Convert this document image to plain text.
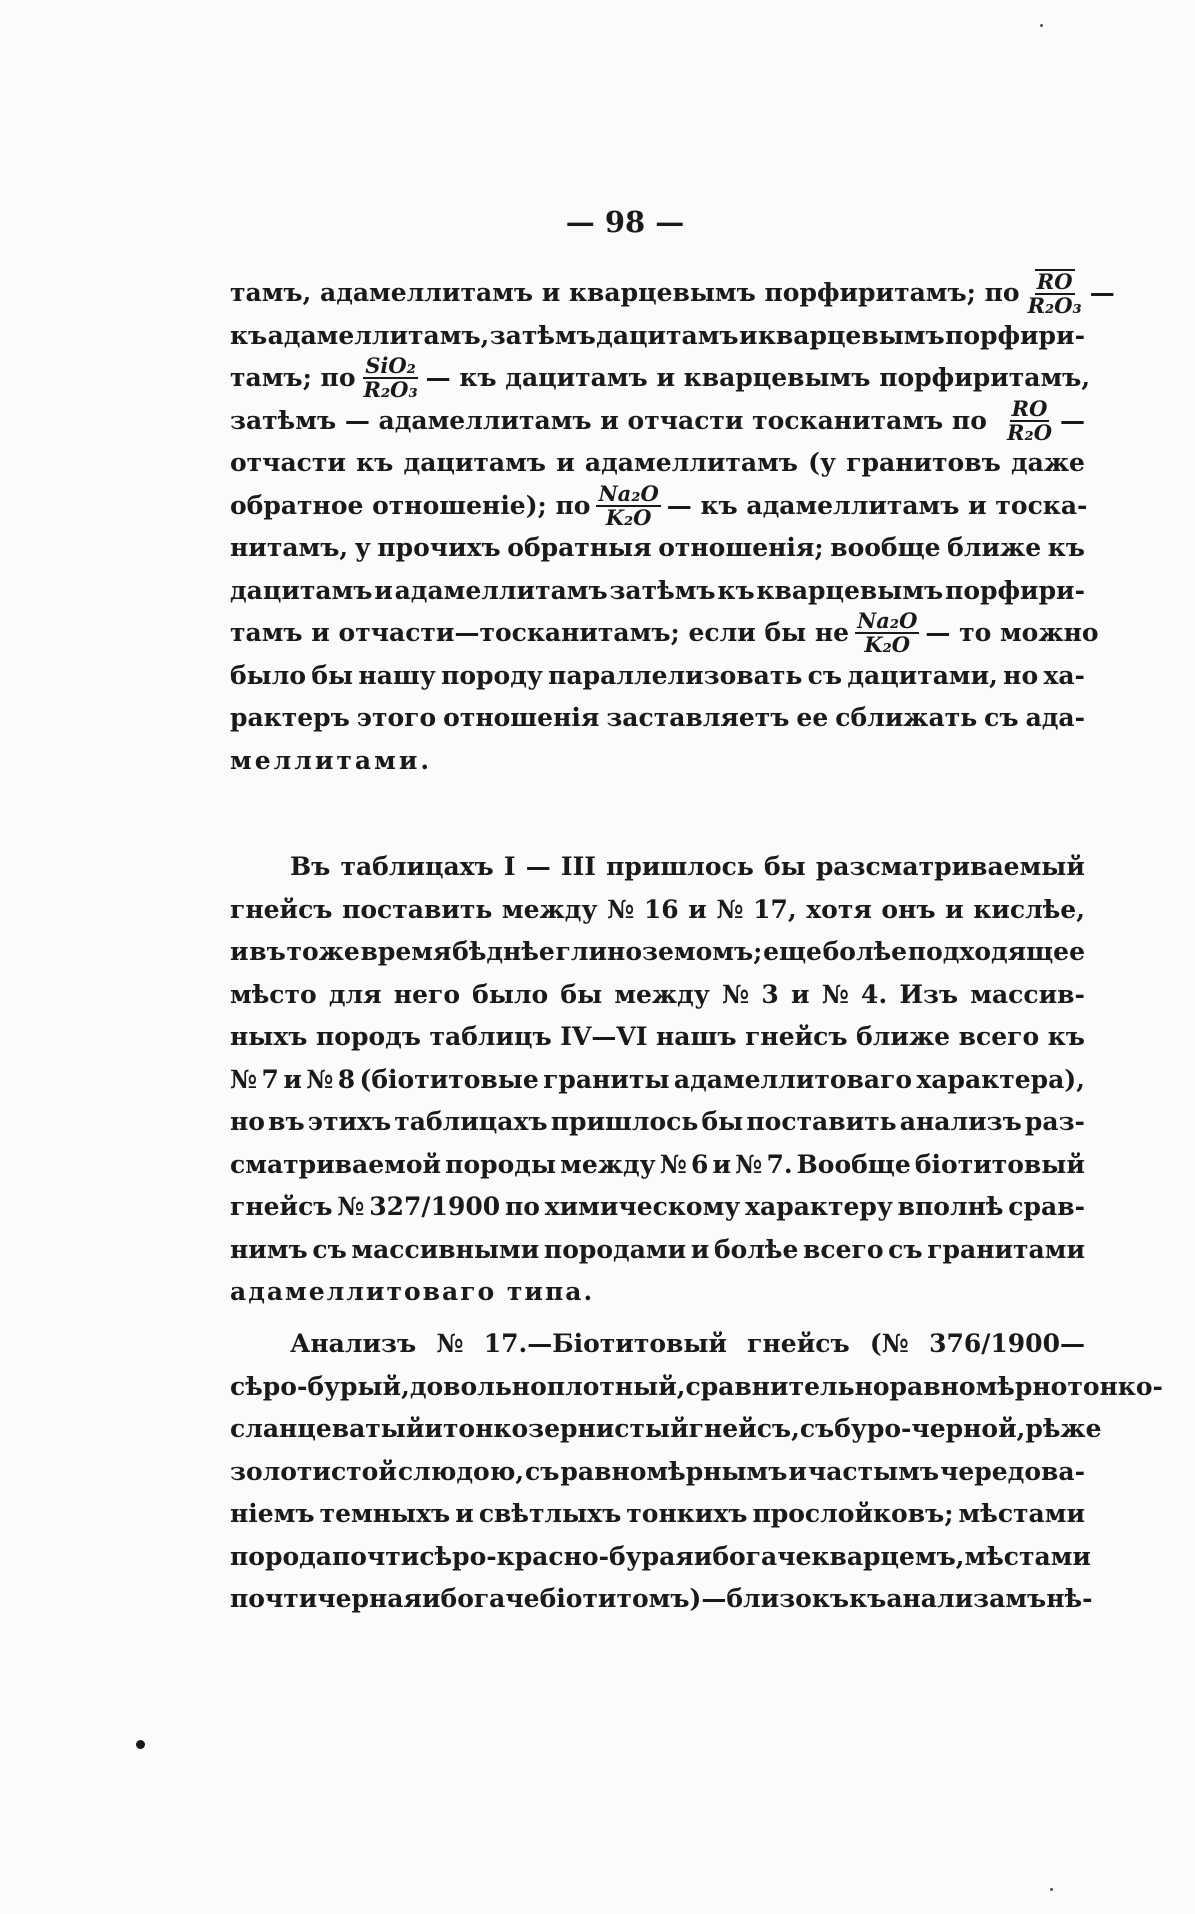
— 98 —
тамъ, адамеллитамъ и кварцевымъ порфиритамъ; по $\frac{RO}{\text{R₂O₃}}$ —
къ адамеллитамъ, затѣмъ дацитамъ и кварцевымъ порфири-
тамъ; по $\frac{\text{SiO₂}}{\text{R₂O₃}}$ — къ дацитамъ и кварцевымъ порфиритамъ,
затѣмъ — адамеллитамъ и отчасти тосканитамъ по $\frac{RO}{\text{R₂O}}$ —
отчасти къ дацитамъ и адамеллитамъ (у гранитовъ даже
обратное отношеніе); по $\frac{\text{Na₂O}}{\text{K₂O}}$ — къ адамеллитамъ и тоска-
нитамъ, у прочихъ обратныя отношенія; вообще ближе къ
дацитамъ и адамеллитамъ затѣмъ къ кварцевымъ порфири-
тамъ и отчасти—тосканитамъ; если бы не $\frac{\text{Na₂O}}{\text{K₂O}}$ — то можно
было бы нашу породу параллелизовать съ дацитами, но ха-
рактеръ этого отношенія заставляетъ ее сближать съ ада-
меллитами.
Въ таблицахъ I — III пришлось бы разсматриваемый
гнейсъ поставить между № 16 и № 17, хотя онъ и кислѣе,
и въ тоже время бѣднѣе глиноземомъ; еще болѣе подходящее
мѣсто для него было бы между № 3 и № 4. Изъ массив-
ныхъ породъ таблицъ IV—VI нашъ гнейсъ ближе всего къ
№ 7 и № 8 (біотитовые граниты адамеллитоваго характера),
но въ этихъ таблицахъ пришлось бы поставить анализъ раз-
сматриваемой породы между № 6 и № 7. Вообще біотитовый
гнейсъ № 327/1900 по химическому характеру вполнѣ срав-
нимъ съ массивными породами и болѣе всего съ гранитами
адамеллитоваго типа.
Анализъ № 17.—Біотитовый гнейсъ (№ 376/1900—
сѣро-бурый, довольно плотный, сравнительно равномѣрно тонко-
сланцеватый и тонкозернистый гнейсъ, съ буро-черной, рѣже
золотистой слюдою, съ равномѣрнымъ и частымъ чередова-
ніемъ темныхъ и свѣтлыхъ тонкихъ прослойковъ; мѣстами
порода почти сѣро-красно-бурая и богаче кварцемъ, мѣстами
почти черная и богаче біотитомъ)—близокъ къ анализамъ нѣ-
